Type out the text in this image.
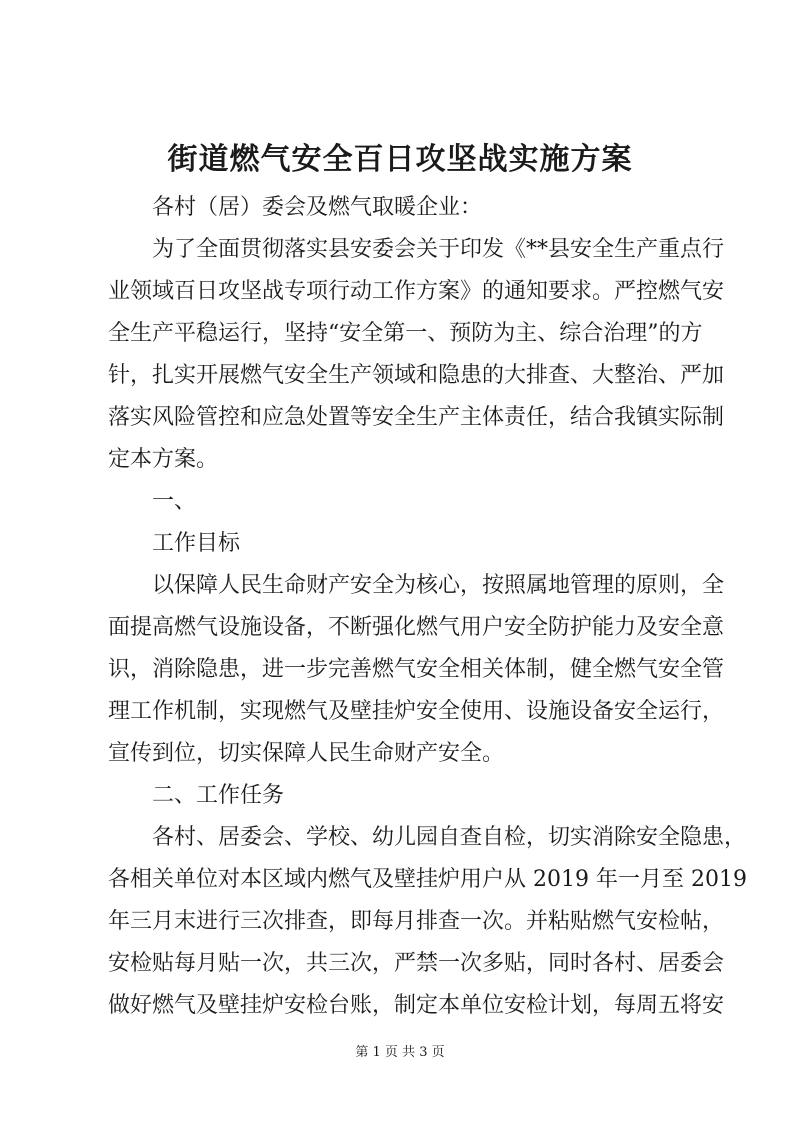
街道燃气安全百日攻坚战实施方案
各村（居）委会及燃气取暖企业：
为了全面贯彻落实县安委会关于印发《**县安全生产重点行
业领域百日攻坚战专项行动工作方案》的通知要求。严控燃气安
全生产平稳运行，坚持“安全第一、预防为主、综合治理”的方
针，扎实开展燃气安全生产领域和隐患的大排查、大整治、严加
落实风险管控和应急处置等安全生产主体责任，结合我镇实际制
定本方案。
一、
工作目标
以保障人民生命财产安全为核心，按照属地管理的原则，全
面提高燃气设施设备，不断强化燃气用户安全防护能力及安全意
识，消除隐患，进一步完善燃气安全相关体制，健全燃气安全管
理工作机制，实现燃气及壁挂炉安全使用、设施设备安全运行，
宣传到位，切实保障人民生命财产安全。
二、工作任务
各村、居委会、学校、幼儿园自查自检，切实消除安全隐患，
各相关单位对本区域内燃气及壁挂炉用户从 2019 年一月至 2019
年三月末进行三次排查，即每月排查一次。并粘贴燃气安检帖，
安检贴每月贴一次，共三次，严禁一次多贴，同时各村、居委会
做好燃气及壁挂炉安检台账，制定本单位安检计划，每周五将安
第 1 页 共 3 页
